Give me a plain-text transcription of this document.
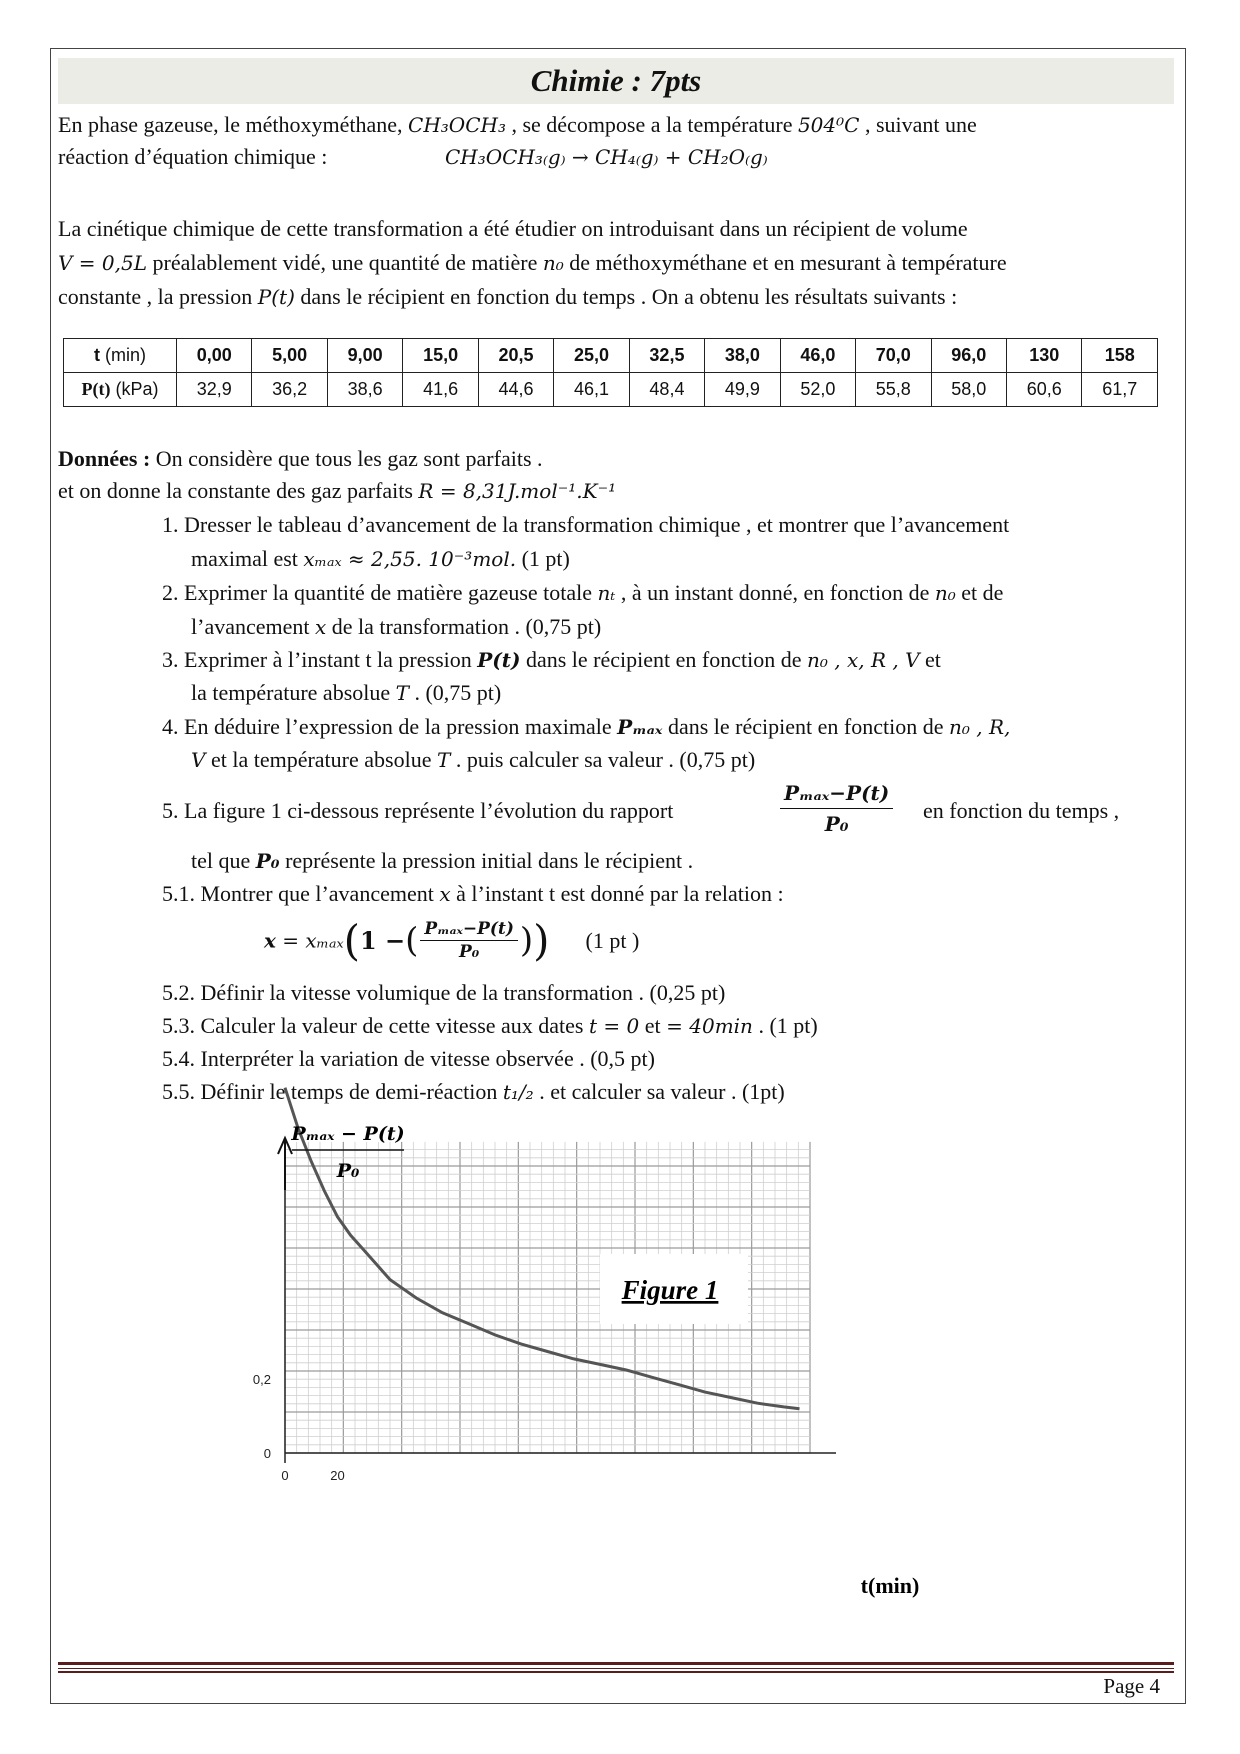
Chimie : 7pts
En phase gazeuse, le méthoxyméthane, CH₃OCH₃ , se décompose a la température 504⁰C , suivant une
réaction d’équation chimique :	CH₃OCH₃₍g₎ → CH₄₍g₎ + CH₂O₍g₎
La cinétique chimique de cette transformation a été étudier on introduisant dans un récipient de volume
V = 0,5L préalablement vidé, une quantité de matière n₀ de méthoxyméthane et en mesurant à température
constante , la pression P(t) dans le récipient en fonction du temps . On a obtenu les résultats suivants :
t (min)	0,00	5,00	9,00	15,0	20,5	25,0	32,5	38,0	46,0	70,0	96,0	130	158
P(t) (kPa)	32,9	36,2	38,6	41,6	44,6	46,1	48,4	49,9	52,0	55,8	58,0	60,6	61,7
Données : On considère que tous les gaz sont parfaits .
et on donne la constante des gaz parfaits R = 8,31J.mol⁻¹.K⁻¹
1. Dresser le tableau d’avancement de la transformation chimique , et montrer que l’avancement
maximal est xₘₐₓ ≈ 2,55. 10⁻³mol. (1 pt)
2. Exprimer la quantité de matière gazeuse totale nₜ , à un instant donné, en fonction de n₀ et de
l’avancement x de la transformation . (0,75 pt)
3. Exprimer à l’instant t la pression P(t) dans le récipient en fonction de n₀ , x, R , V et
la température absolue T . (0,75 pt)
4. En déduire l’expression de la pression maximale Pₘₐₓ dans le récipient en fonction de n₀ , R,
V et la température absolue T . puis calculer sa valeur . (0,75 pt)
5. La figure 1 ci-dessous représente l’évolution du rapport
Pₘₐₓ−P(t)
P₀
en fonction du temps ,
tel que P₀ représente la pression initial dans le récipient .
5.1. Montrer que l’avancement x à l’instant t est donné par la relation :
x = xₘₐₓ(1 −( $\frac{\text{Pₘₐₓ−P(t)}}{\text{P₀}}$ )) (1 pt )
5.2. Définir la vitesse volumique de la transformation . (0,25 pt)
5.3. Calculer la valeur de cette vitesse aux dates t = 0 et = 40min . (1 pt)
5.4. Interpréter la variation de vitesse observée . (0,5 pt)
5.5. Définir le temps de demi-réaction t₁/₂ . et calculer sa valeur . (1pt)
0	20
0
0,2
Figure 1
Pₘₐₓ − P(t)
P₀
t(min)
Page 4
